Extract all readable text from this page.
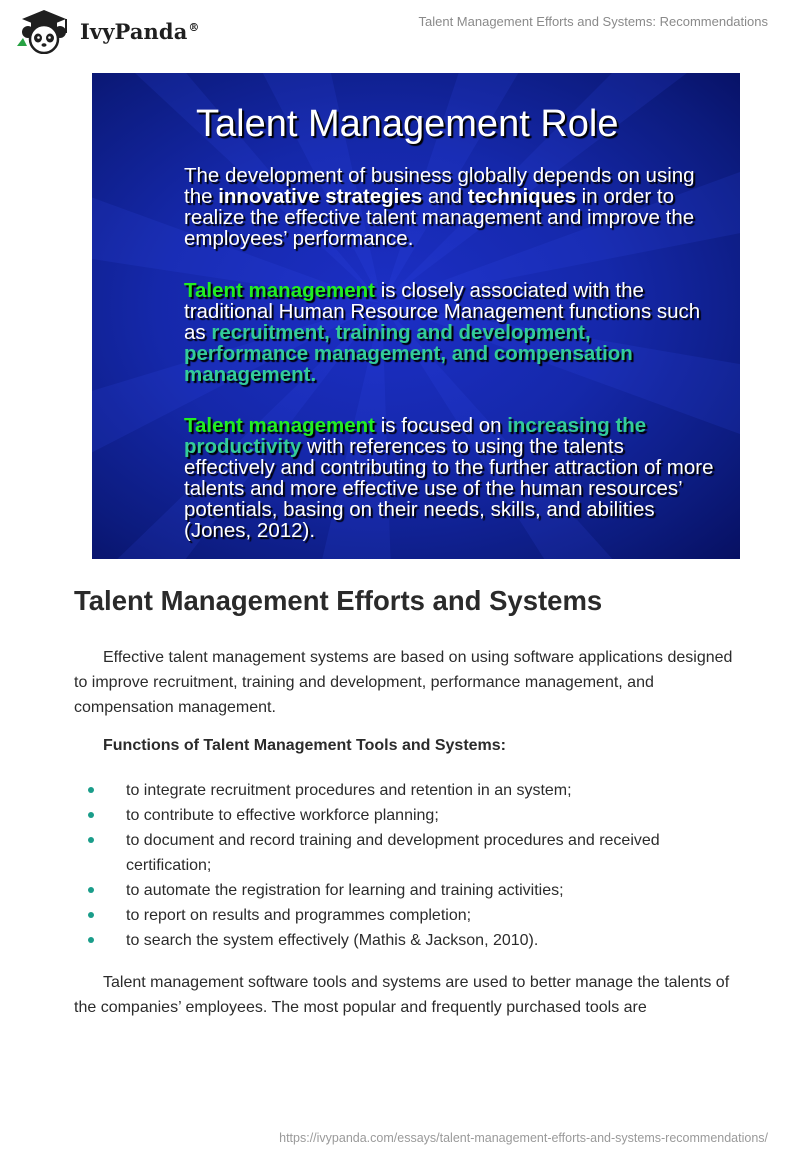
IvyPanda®	Talent Management Efforts and Systems: Recommendations
Talent Management Role
The development of business globally depends on using the innovative strategies and techniques in order to realize the effective talent management and improve the employees’ performance.
Talent management is closely associated with the traditional Human Resource Management functions such as recruitment, training and development, performance management, and compensation management.
Talent management is focused on increasing the productivity with references to using the talents effectively and contributing to the further attraction of more talents and more effective use of the human resources’ potentials, basing on their needs, skills, and abilities (Jones, 2012).
Talent Management Efforts and Systems

Effective talent management systems are based on using software applications designed to improve recruitment, training and development, performance management, and compensation management.

Functions of Talent Management Tools and Systems:
to integrate recruitment procedures and retention in an system;
to contribute to effective workforce planning;
to document and record training and development procedures and received certification;
to automate the registration for learning and training activities;
to report on results and programmes completion;
to search the system effectively (Mathis & Jackson, 2010).

Talent management software tools and systems are used to better manage the talents of the companies’ employees. The most popular and frequently purchased tools are

https://ivypanda.com/essays/talent-management-efforts-and-systems-recommendations/
